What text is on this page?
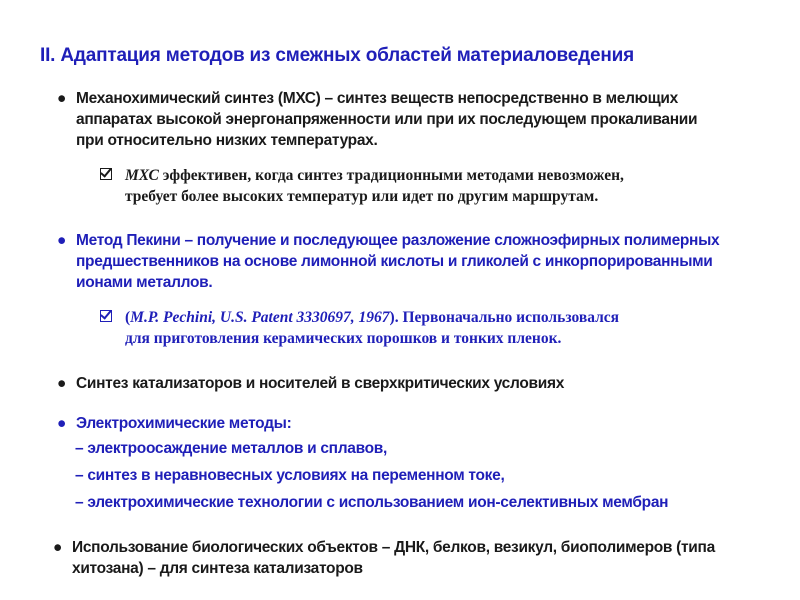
II. Адаптация методов из смежных областей материаловедения
● Механохимический синтез (МХС) – синтез веществ непосредственно в мелющих
аппаратах высокой энергонапряженности или при их последующем прокаливании
при относительно низких температурах.
МХС эффективен, когда синтез традиционными методами невозможен,
требует более высоких температур или идет по другим маршрутам.
● Метод Пекини – получение и последующее разложение сложноэфирных полимерных
предшественников на основе лимонной кислоты и гликолей с инкорпорированными
ионами металлов.
(M.P. Pechini, U.S. Patent 3330697, 1967). Первоначально использовался
для приготовления керамических порошков и тонких пленок.
● Синтез катализаторов и носителей в сверхкритических условиях
● Электрохимические методы:
– электроосаждение металлов и сплавов,
– синтез в неравновесных условиях на переменном токе,
– электрохимические технологии с использованием ион-селективных мембран
● Использование биологических объектов – ДНК, белков, везикул, биополимеров (типа
хитозана) – для синтеза катализаторов
